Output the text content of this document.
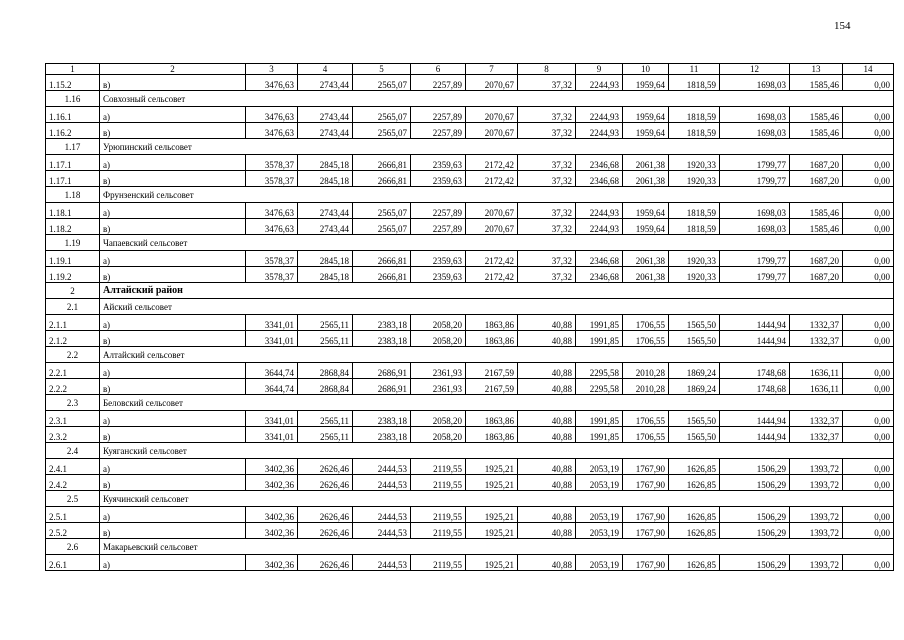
154
1	2	3	4	5	6	7	8	9	10	11	12	13	14
1.15.2	в)	3476,63	2743,44	2565,07	2257,89	2070,67	37,32	2244,93	1959,64	1818,59	1698,03	1585,46	0,00
1.16	Совхозный сельсовет												
1.16.1	а)	3476,63	2743,44	2565,07	2257,89	2070,67	37,32	2244,93	1959,64	1818,59	1698,03	1585,46	0,00
1.16.2	в)	3476,63	2743,44	2565,07	2257,89	2070,67	37,32	2244,93	1959,64	1818,59	1698,03	1585,46	0,00
1.17	Урюпинский сельсовет												
1.17.1	а)	3578,37	2845,18	2666,81	2359,63	2172,42	37,32	2346,68	2061,38	1920,33	1799,77	1687,20	0,00
1.17.1	в)	3578,37	2845,18	2666,81	2359,63	2172,42	37,32	2346,68	2061,38	1920,33	1799,77	1687,20	0,00
1.18	Фрунзенский сельсовет												
1.18.1	а)	3476,63	2743,44	2565,07	2257,89	2070,67	37,32	2244,93	1959,64	1818,59	1698,03	1585,46	0,00
1.18.2	в)	3476,63	2743,44	2565,07	2257,89	2070,67	37,32	2244,93	1959,64	1818,59	1698,03	1585,46	0,00
1.19	Чапаевский сельсовет												
1.19.1	а)	3578,37	2845,18	2666,81	2359,63	2172,42	37,32	2346,68	2061,38	1920,33	1799,77	1687,20	0,00
1.19.2	в)	3578,37	2845,18	2666,81	2359,63	2172,42	37,32	2346,68	2061,38	1920,33	1799,77	1687,20	0,00
2	Алтайский район												
2.1	Айский сельсовет												
2.1.1	а)	3341,01	2565,11	2383,18	2058,20	1863,86	40,88	1991,85	1706,55	1565,50	1444,94	1332,37	0,00
2.1.2	в)	3341,01	2565,11	2383,18	2058,20	1863,86	40,88	1991,85	1706,55	1565,50	1444,94	1332,37	0,00
2.2	Алтайский сельсовет												
2.2.1	а)	3644,74	2868,84	2686,91	2361,93	2167,59	40,88	2295,58	2010,28	1869,24	1748,68	1636,11	0,00
2.2.2	в)	3644,74	2868,84	2686,91	2361,93	2167,59	40,88	2295,58	2010,28	1869,24	1748,68	1636,11	0,00
2.3	Беловский сельсовет												
2.3.1	а)	3341,01	2565,11	2383,18	2058,20	1863,86	40,88	1991,85	1706,55	1565,50	1444,94	1332,37	0,00
2.3.2	в)	3341,01	2565,11	2383,18	2058,20	1863,86	40,88	1991,85	1706,55	1565,50	1444,94	1332,37	0,00
2.4	Куяганский сельсовет												
2.4.1	а)	3402,36	2626,46	2444,53	2119,55	1925,21	40,88	2053,19	1767,90	1626,85	1506,29	1393,72	0,00
2.4.2	в)	3402,36	2626,46	2444,53	2119,55	1925,21	40,88	2053,19	1767,90	1626,85	1506,29	1393,72	0,00
2.5	Куячинский сельсовет												
2.5.1	а)	3402,36	2626,46	2444,53	2119,55	1925,21	40,88	2053,19	1767,90	1626,85	1506,29	1393,72	0,00
2.5.2	в)	3402,36	2626,46	2444,53	2119,55	1925,21	40,88	2053,19	1767,90	1626,85	1506,29	1393,72	0,00
2.6	Макарьевский сельсовет												
2.6.1	а)	3402,36	2626,46	2444,53	2119,55	1925,21	40,88	2053,19	1767,90	1626,85	1506,29	1393,72	0,00
